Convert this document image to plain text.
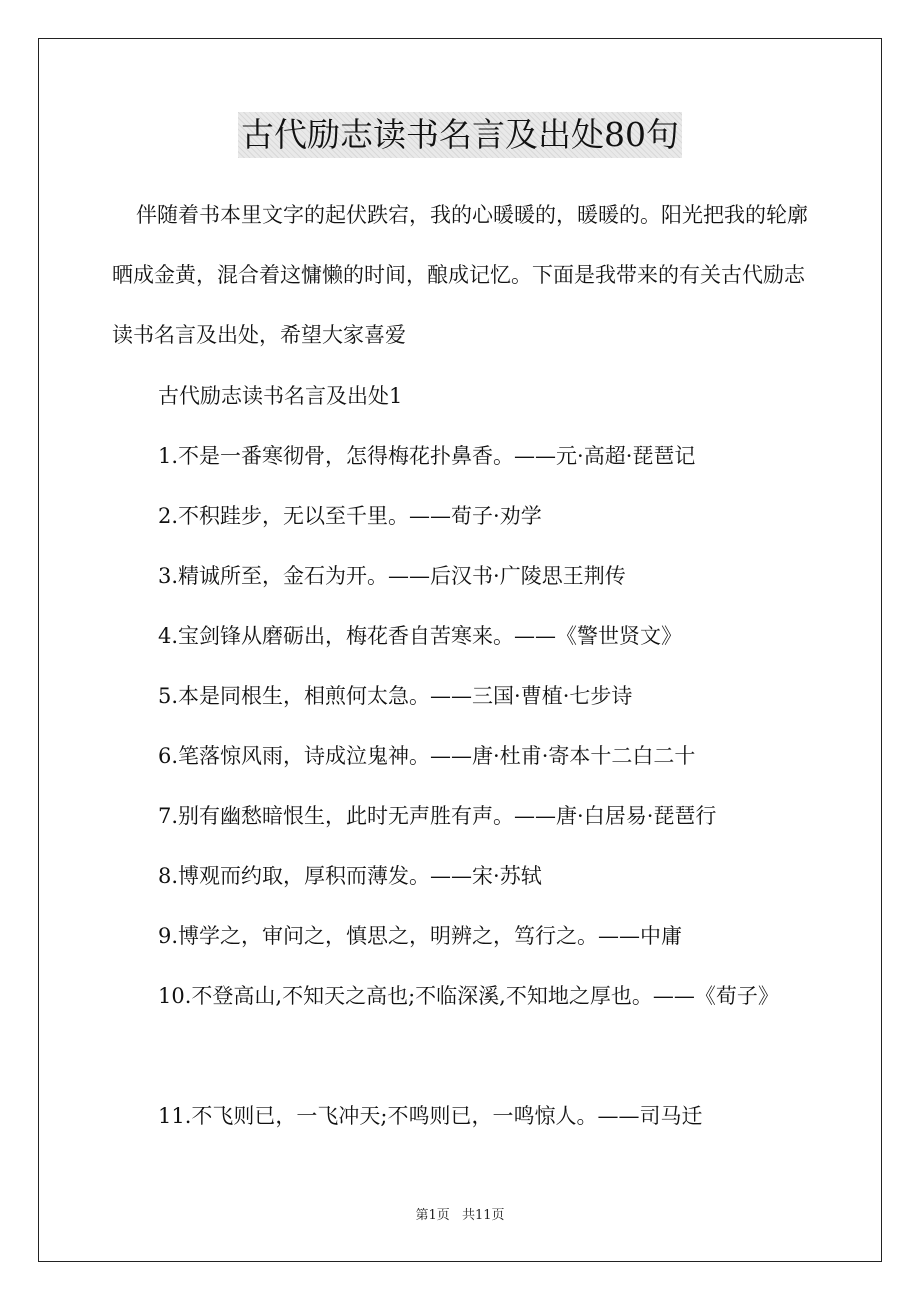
古代励志读书名言及出处80句

伴随着书本里文字的起伏跌宕，我的心暖暖的，暖暖的。阳光把我的轮廓晒成金黄，混合着这慵懒的时间，酿成记忆。下面是我带来的有关古代励志读书名言及出处，希望大家喜爱

古代励志读书名言及出处1

1.不是一番寒彻骨，怎得梅花扑鼻香。——元·高超·琵琶记

2.不积跬步，无以至千里。——荀子·劝学

3.精诚所至，金石为开。——后汉书·广陵思王荆传

4.宝剑锋从磨砺出，梅花香自苦寒来。——《警世贤文》

5.本是同根生，相煎何太急。——三国·曹植·七步诗

6.笔落惊风雨，诗成泣鬼神。——唐·杜甫·寄本十二白二十

7.别有幽愁暗恨生，此时无声胜有声。——唐·白居易·琵琶行

8.博观而约取，厚积而薄发。——宋·苏轼

9.博学之，审问之，慎思之，明辨之，笃行之。——中庸

10.不登高山,不知天之高也;不临深溪,不知地之厚也。——《荀子》

11.不飞则已，一飞冲天;不鸣则已，一鸣惊人。——司马迁

第1页 共11页
